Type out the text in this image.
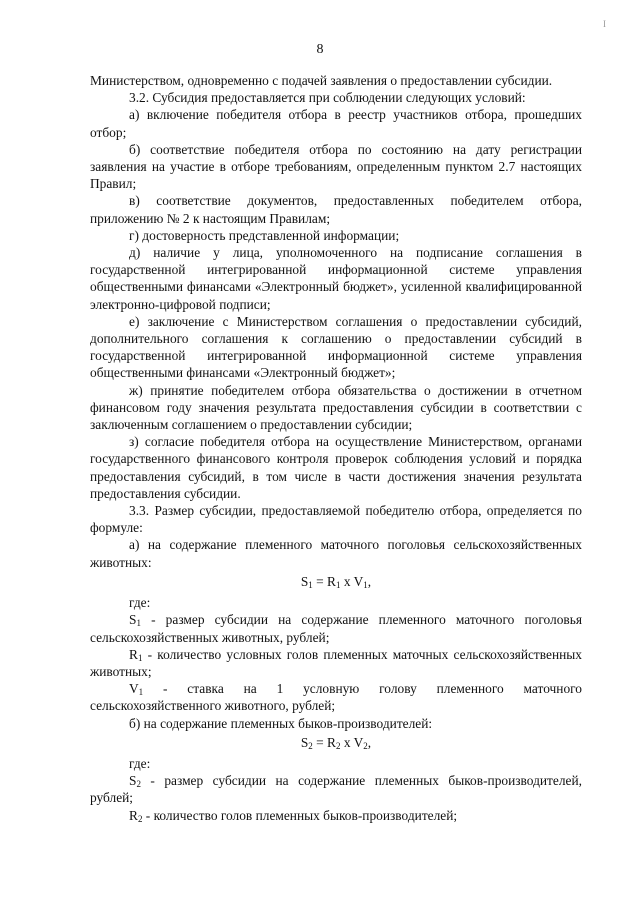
I
8

Министерством, одновременно с подачей заявления о предоставлении субсидии.

3.2. Субсидия предоставляется при соблюдении следующих условий:

а) включение победителя отбора в реестр участников отбора, прошедших отбор;

б) соответствие победителя отбора по состоянию на дату регистрации заявления на участие в отборе требованиям, определенным пунктом 2.7 настоящих Правил;

в) соответствие документов, предоставленных победителем отбора, приложению № 2 к настоящим Правилам;

г) достоверность представленной информации;

д) наличие у лица, уполномоченного на подписание соглашения в государственной интегрированной информационной системе управления общественными финансами «Электронный бюджет», усиленной квалифицированной электронно-цифровой подписи;

е) заключение с Министерством соглашения о предоставлении субсидий, дополнительного соглашения к соглашению о предоставлении субсидий в государственной интегрированной информационной системе управления общественными финансами «Электронный бюджет»;

ж) принятие победителем отбора обязательства о достижении в отчетном финансовом году значения результата предоставления субсидии в соответствии с заключенным соглашением о предоставлении субсидии;

з) согласие победителя отбора на осуществление Министерством, органами государственного финансового контроля проверок соблюдения условий и порядка предоставления субсидий, в том числе в части достижения значения результата предоставления субсидии.

3.3. Размер субсидии, предоставляемой победителю отбора, определяется по формуле:

а) на содержание племенного маточного поголовья сельскохозяйственных животных:

$S_1 = R_1$ x $V_1$,

где:

$S_1$ - размер субсидии на содержание племенного маточного поголовья сельскохозяйственных животных, рублей;

$R_1$ - количество условных голов племенных маточных сельскохозяйственных животных;

$V_1$ - ставка на 1 условную голову племенного маточного сельскохозяйственного животного, рублей;

б) на содержание племенных быков-производителей:

$S_2 = R_2$ x $V_2$,

где:

$S_2$ - размер субсидии на содержание племенных быков-производителей, рублей;

$R_2$ - количество голов племенных быков-производителей;
